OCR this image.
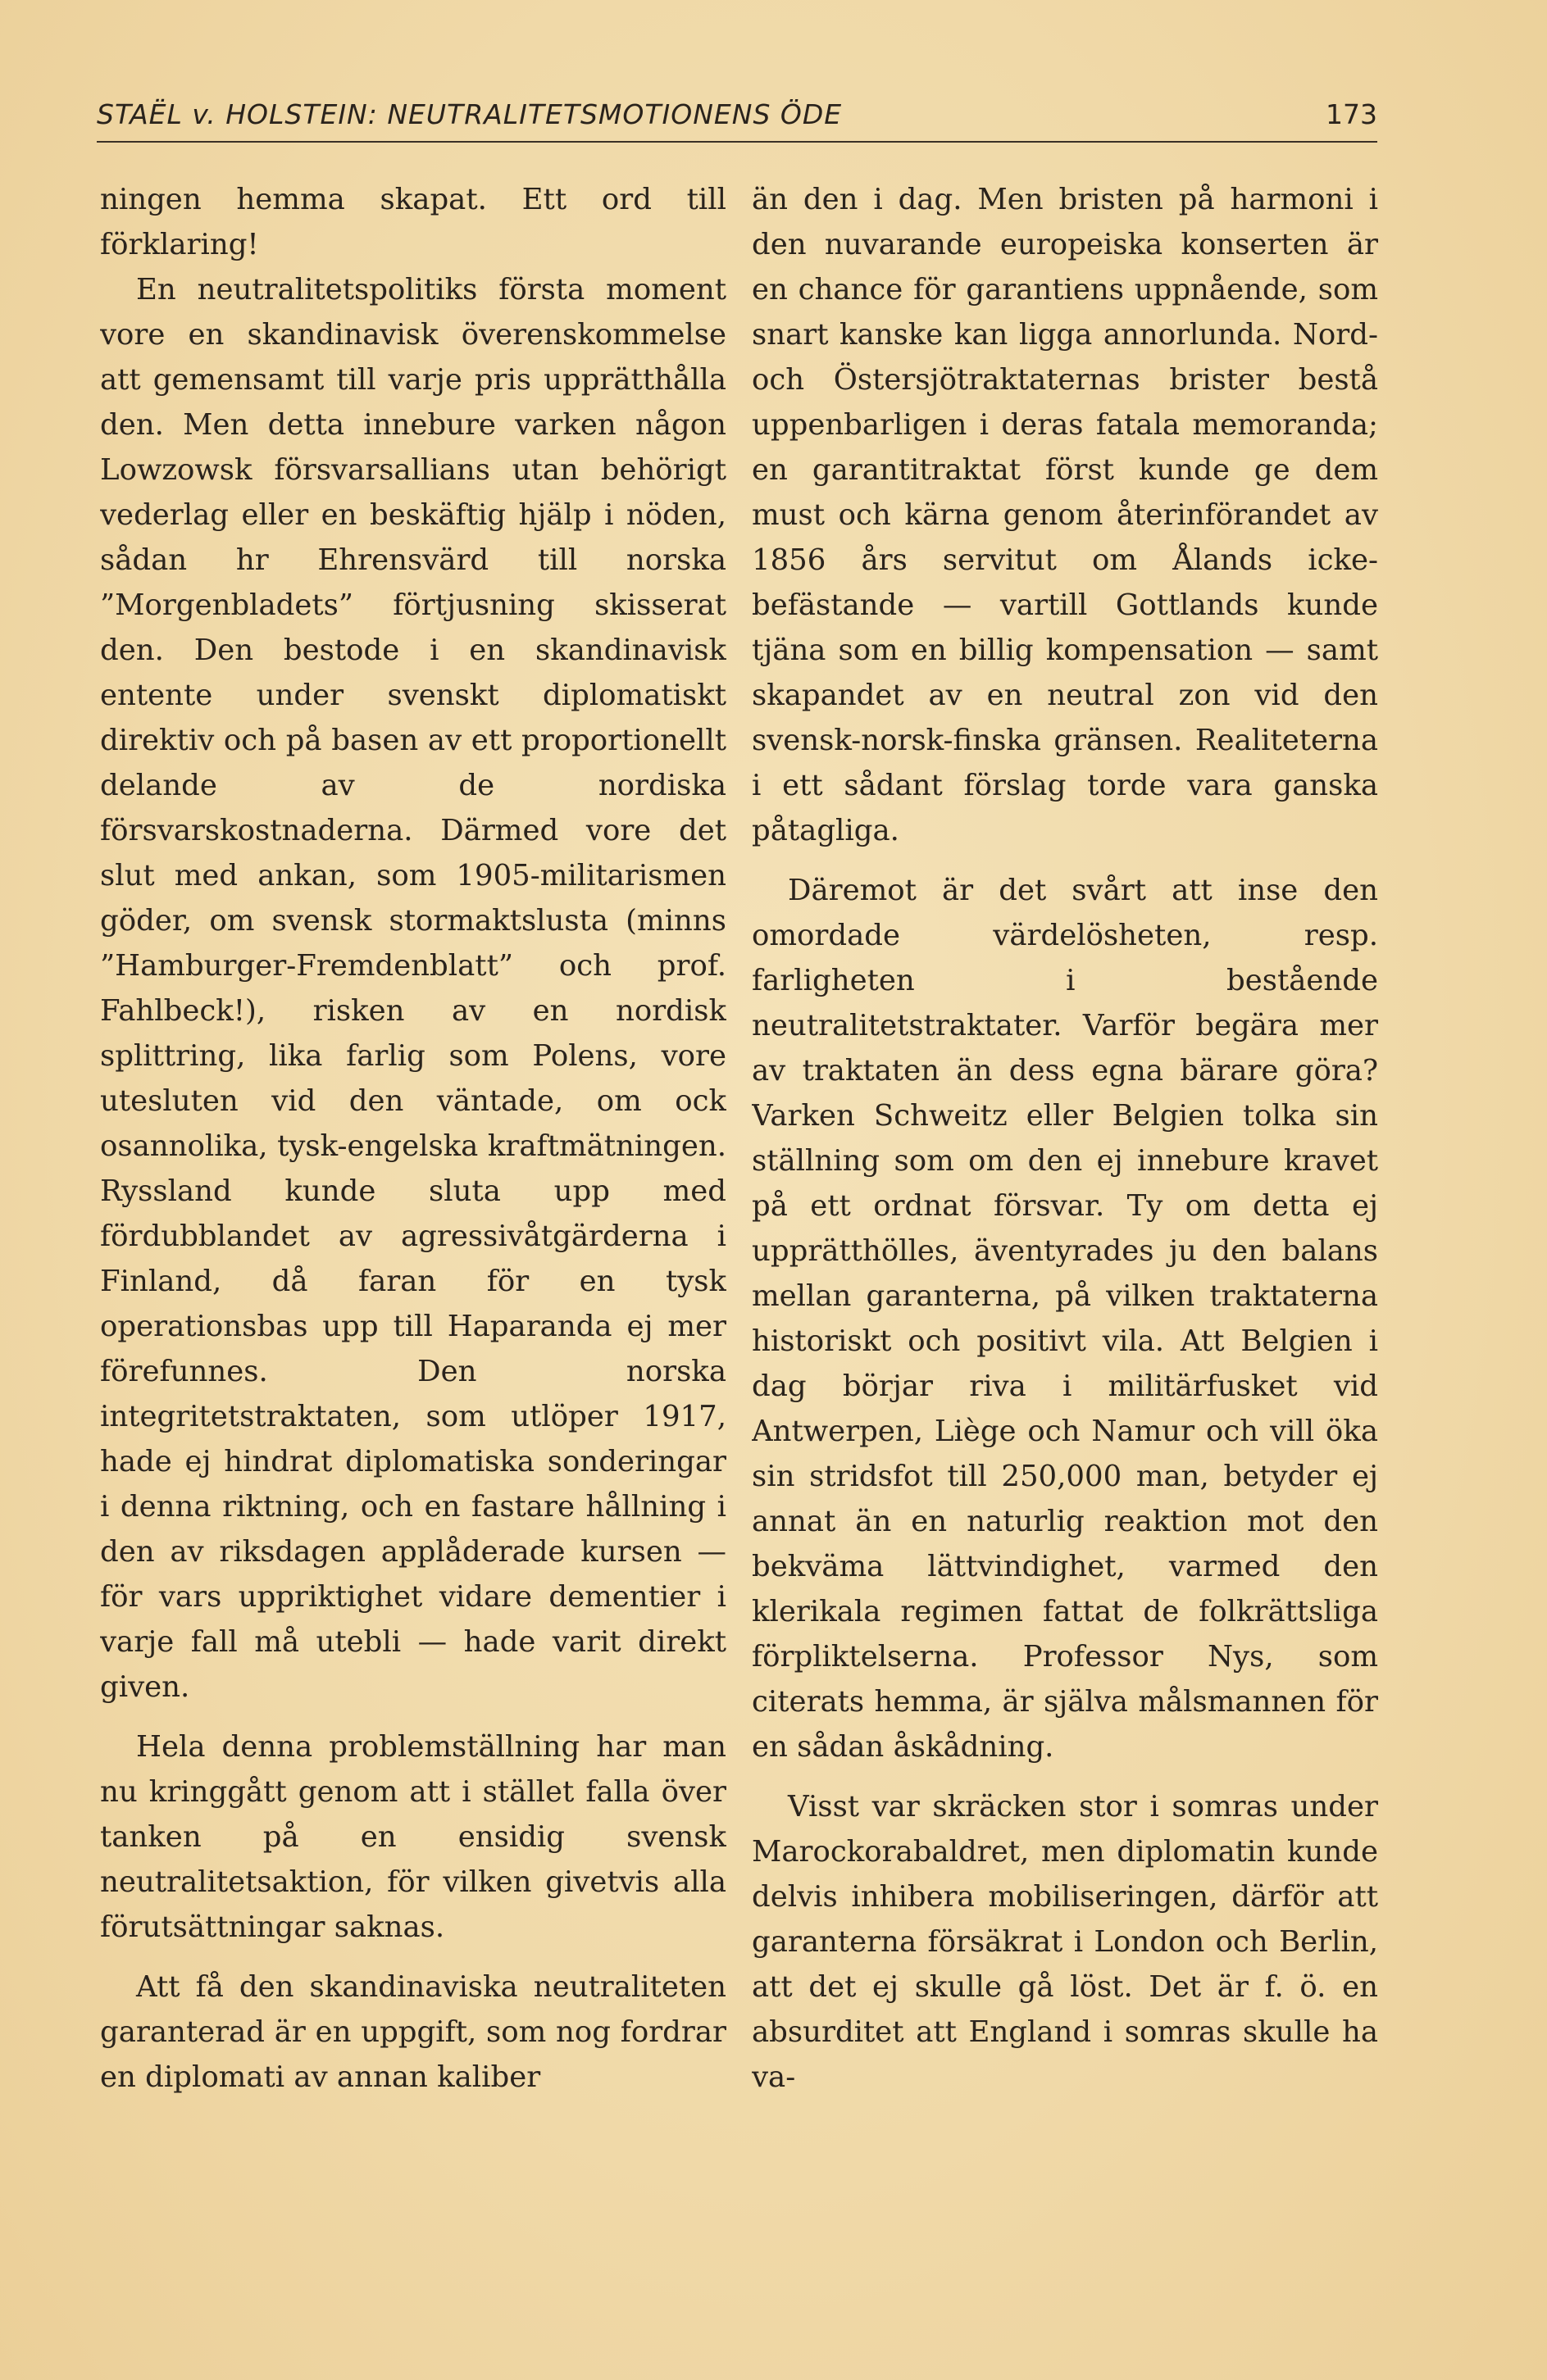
STAËL v. HOLSTEIN: NEUTRALITETSMOTIONENS ÖDE	173

ningen hemma skapat. Ett ord till förklaring!

En neutralitetspolitiks första moment vore en skandinavisk överenskommelse att gemensamt till varje pris upprätthålla den. Men detta innebure varken någon Lowzowsk försvarsallians utan behörigt vederlag eller en beskäftig hjälp i nöden, sådan hr Ehrensvärd till norska ”Morgenbladets” förtjusning skisserat den. Den bestode i en skandinavisk entente under svenskt diplomatiskt direktiv och på basen av ett proportionellt delande av de nordiska försvarskostnaderna. Därmed vore det slut med ankan, som 1905-militarismen göder, om svensk stormaktslusta (minns ”Hamburger-Fremdenblatt” och prof. Fahlbeck!), risken av en nordisk splittring, lika farlig som Polens, vore utesluten vid den väntade, om ock osannolika, tysk-engelska kraftmätningen. Ryssland kunde sluta upp med fördubblandet av agressivåtgärderna i Finland, då faran för en tysk operationsbas upp till Haparanda ej mer förefunnes. Den norska integritetstraktaten, som utlöper 1917, hade ej hindrat diplomatiska sonderingar i denna riktning, och en fastare hållning i den av riksdagen applåderade kursen — för vars uppriktighet vidare dementier i varje fall må utebli — hade varit direkt given.

Hela denna problemställning har man nu kringgått genom att i stället falla över tanken på en ensidig svensk neutralitetsaktion, för vilken givetvis alla förutsättningar saknas.

Att få den skandinaviska neutraliteten garanterad är en uppgift, som nog fordrar en diplomati av annan kaliber

än den i dag. Men bristen på harmoni i den nuvarande europeiska konserten är en chance för garantiens uppnående, som snart kanske kan ligga annorlunda. Nord- och Östersjötraktaternas brister bestå uppenbarligen i deras fatala memoranda; en garantitraktat först kunde ge dem must och kärna genom återinförandet av 1856 års servitut om Ålands icke-befästande — vartill Gottlands kunde tjäna som en billig kompensation — samt skapandet av en neutral zon vid den svensk-norsk-finska gränsen. Realiteterna i ett sådant förslag torde vara ganska påtagliga.

Däremot är det svårt att inse den omordade värdelösheten, resp. farligheten i bestående neutralitetstraktater. Varför begära mer av traktaten än dess egna bärare göra? Varken Schweitz eller Belgien tolka sin ställning som om den ej innebure kravet på ett ordnat försvar. Ty om detta ej upprätthölles, äventyrades ju den balans mellan garanterna, på vilken traktaterna historiskt och positivt vila. Att Belgien i dag börjar riva i militärfusket vid Antwerpen, Liège och Namur och vill öka sin stridsfot till 250,000 man, betyder ej annat än en naturlig reaktion mot den bekväma lättvindighet, varmed den klerikala regimen fattat de folkrättsliga förpliktelserna. Professor Nys, som citerats hemma, är själva målsmannen för en sådan åskådning.

Visst var skräcken stor i somras under Marockorabaldret, men diplomatin kunde delvis inhibera mobiliseringen, därför att garanterna försäkrat i London och Berlin, att det ej skulle gå löst. Det är f. ö. en absurditet att England i somras skulle ha va-
